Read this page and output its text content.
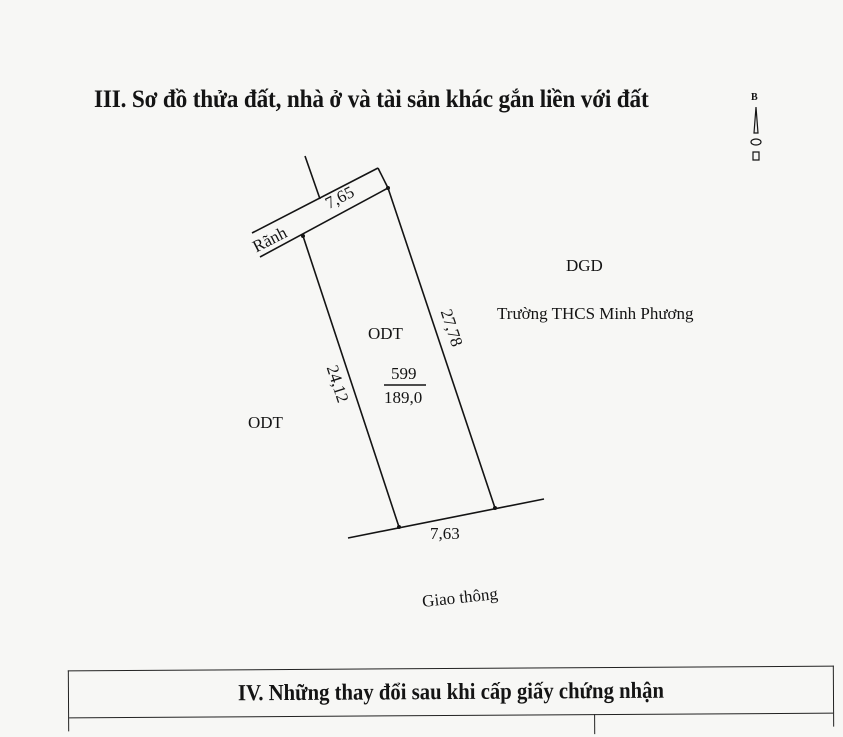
III. Sơ đồ thửa đất, nhà ở và tài sản khác gắn liền với đất	B
7,65
Rãnh
27,78
24,12
ODT
599
189,0
7,63
ODT
DGD
Trường THCS Minh Phương
Giao thông
IV. Những thay đổi sau khi cấp giấy chứng nhận
